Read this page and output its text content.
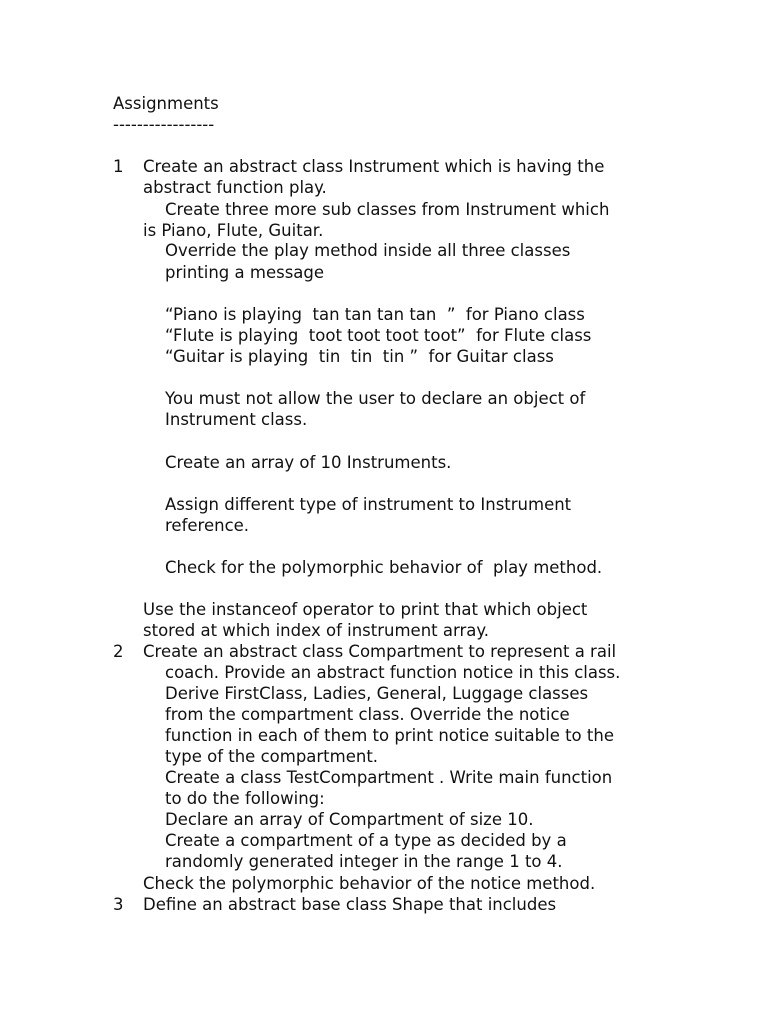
Assignments
-----------------
1 Create an abstract class Instrument which is having the
abstract function play.
Create three more sub classes from Instrument which
is Piano, Flute, Guitar.
Override the play method inside all three classes
printing a message
“Piano is playing  tan tan tan tan  ”  for Piano class
“Flute is playing  toot toot toot toot”  for Flute class
“Guitar is playing  tin  tin  tin ”  for Guitar class
You must not allow the user to declare an object of
Instrument class.
Create an array of 10 Instruments.
Assign different type of instrument to Instrument
reference.
Check for the polymorphic behavior of  play method.
Use the instanceof operator to print that which object
stored at which index of instrument array.
2 Create an abstract class Compartment to represent a rail
coach. Provide an abstract function notice in this class.
Derive FirstClass, Ladies, General, Luggage classes
from the compartment class. Override the notice
function in each of them to print notice suitable to the
type of the compartment.
Create a class TestCompartment . Write main function
to do the following:
Declare an array of Compartment of size 10.
Create a compartment of a type as decided by a
randomly generated integer in the range 1 to 4.
Check the polymorphic behavior of the notice method.
3 Define an abstract base class Shape that includes
